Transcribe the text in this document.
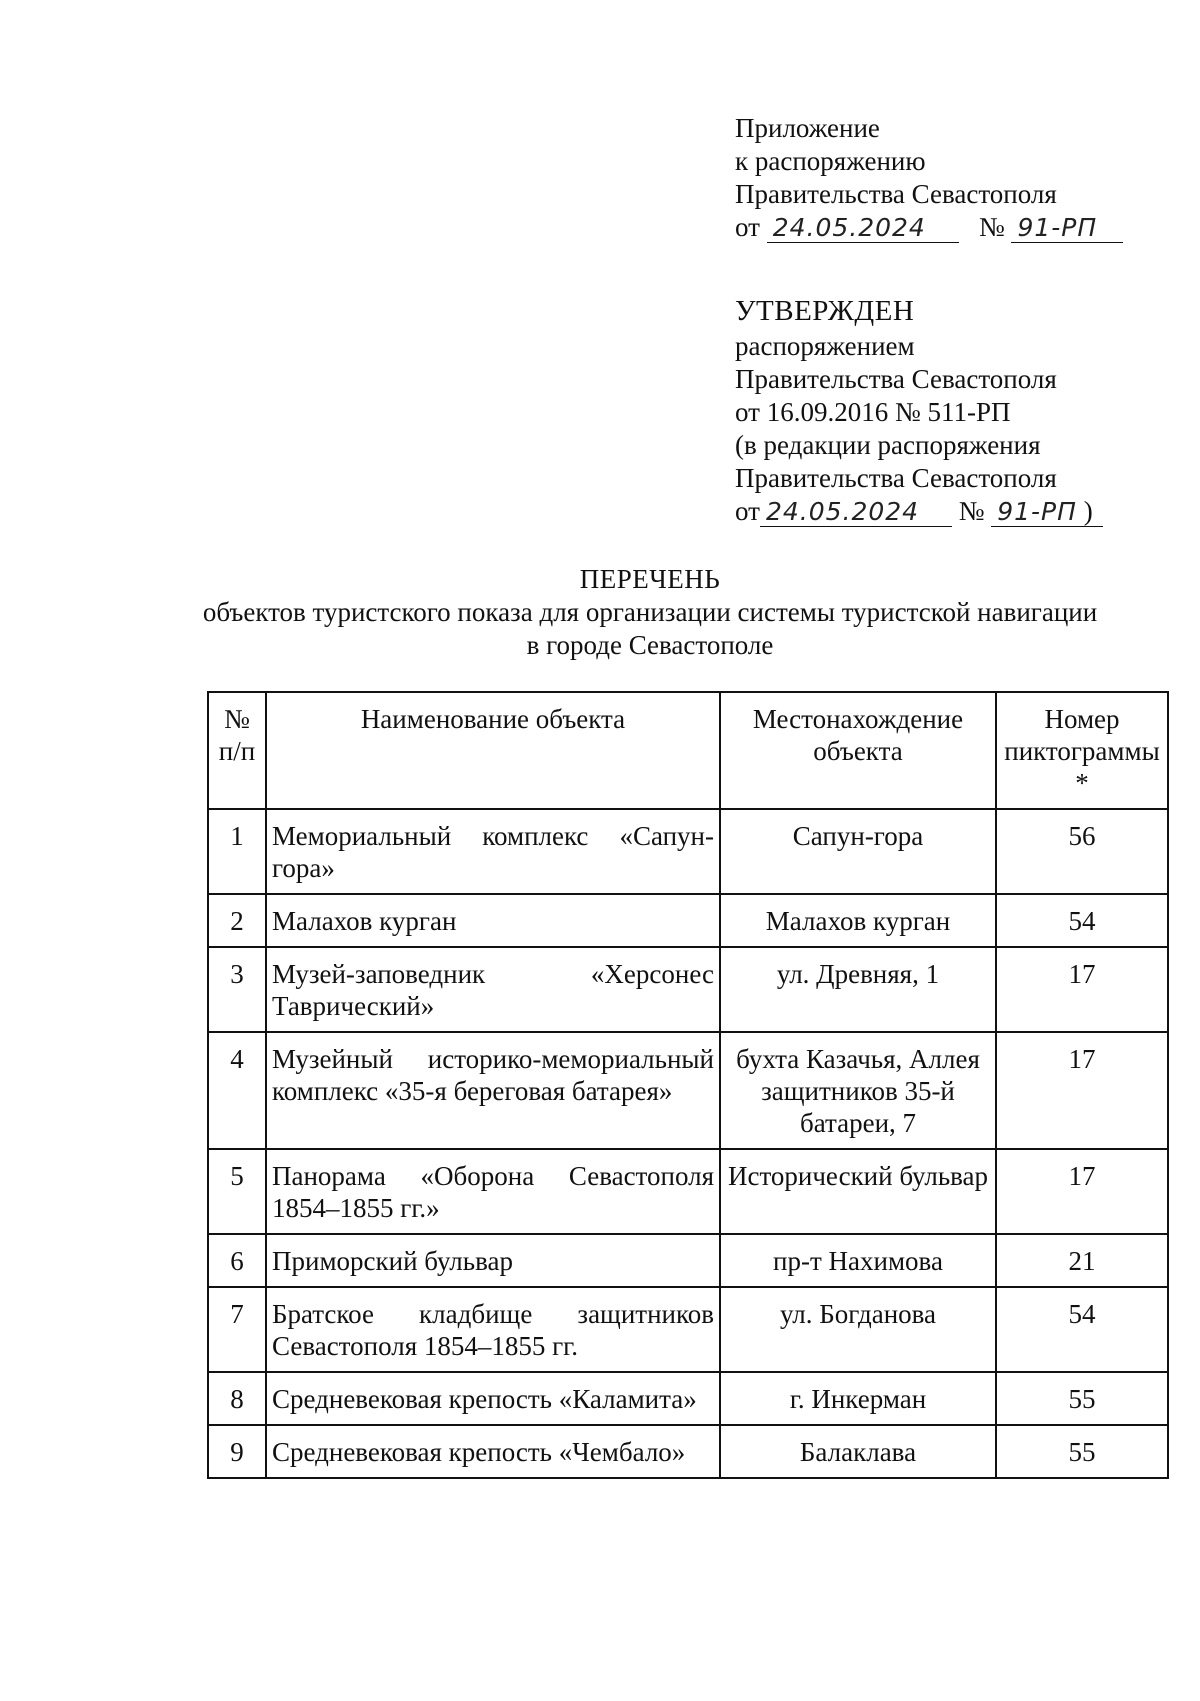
Приложение
к распоряжению
Правительства Севастополя
от 24.05.2024 № 91-РП
УТВЕРЖДЕН
распоряжением
Правительства Севастополя
от 16.09.2016 № 511-РП
(в редакции распоряжения
Правительства Севастополя
от 24.05.2024 № 91-РП )
ПЕРЕЧЕНЬ
объектов туристского показа для организации системы туристской навигации
в городе Севастополе
№ п/п	Наименование объекта	Местонахождение объекта	Номер пиктограммы *
1	Мемориальный комплекс «Сапун-гора»	Сапун-гора	56
2	Малахов курган	Малахов курган	54
3	Музей-заповедник «Херсонес Таврический»	ул. Древняя, 1	17
4	Музейный историко-мемориальный комплекс «35-я береговая батарея»	бухта Казачья, Аллея защитников 35-й батареи, 7	17
5	Панорама «Оборона Севастополя 1854–1855 гг.»	Исторический бульвар	17
6	Приморский бульвар	пр-т Нахимова	21
7	Братское кладбище защитников Севастополя 1854–1855 гг.	ул. Богданова	54
8	Средневековая крепость «Каламита»	г. Инкерман	55
9	Средневековая крепость «Чембало»	Балаклава	55
